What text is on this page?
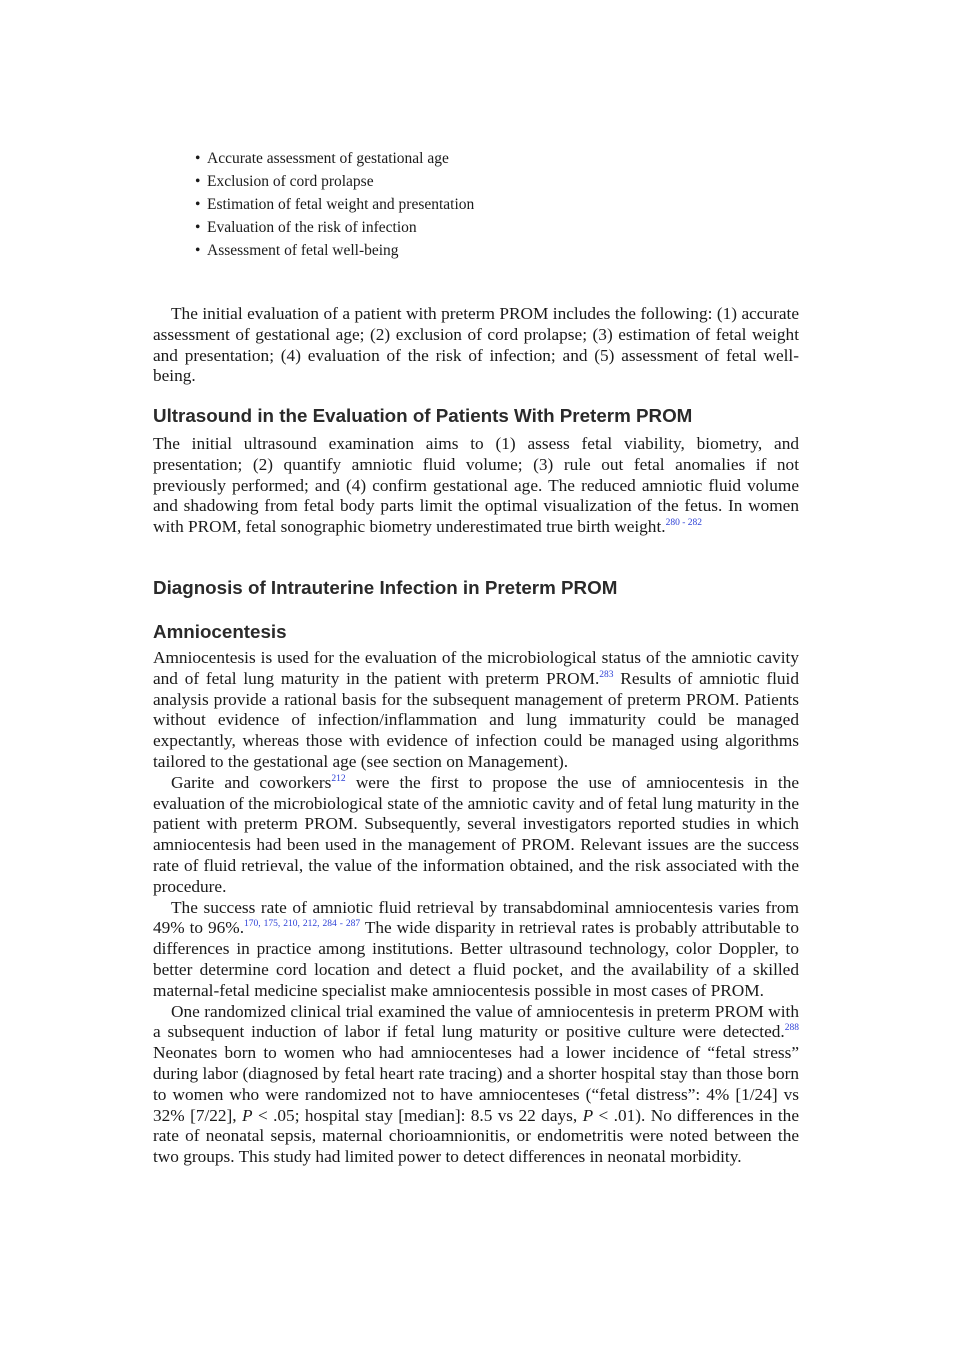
• Accurate assessment of gestational age
• Exclusion of cord prolapse
• Estimation of fetal weight and presentation
• Evaluation of the risk of infection
• Assessment of fetal well-being

The initial evaluation of a patient with preterm PROM includes the following: (1) accurate assessment of gestational age; (2) exclusion of cord prolapse; (3) estimation of fetal weight and presentation; (4) evaluation of the risk of infection; and (5) assessment of fetal well-being.

Ultrasound in the Evaluation of Patients With Preterm PROM

The initial ultrasound examination aims to (1) assess fetal viability, biometry, and presentation; (2) quantify amniotic fluid volume; (3) rule out fetal anomalies if not previously performed; and (4) confirm gestational age. The reduced amniotic fluid volume and shadowing from fetal body parts limit the optimal visualization of the fetus. In women with PROM, fetal sonographic biometry underestimated true birth weight.$^{280 - 282}$

Diagnosis of Intrauterine Infection in Preterm PROM
Amniocentesis

Amniocentesis is used for the evaluation of the microbiological status of the amniotic cavity and of fetal lung maturity in the patient with preterm PROM.$^{283}$ Results of amniotic fluid analysis provide a rational basis for the subsequent management of preterm PROM. Patients without evidence of infection/inflammation and lung immaturity could be managed expectantly, whereas those with evidence of infection could be managed using algorithms tailored to the gestational age (see section on Management).

Garite and coworkers$^{212}$ were the first to propose the use of amniocentesis in the evaluation of the microbiological state of the amniotic cavity and of fetal lung maturity in the patient with preterm PROM. Subsequently, several investigators reported studies in which amniocentesis had been used in the management of PROM. Relevant issues are the success rate of fluid retrieval, the value of the information obtained, and the risk associated with the procedure.

The success rate of amniotic fluid retrieval by transabdominal amniocentesis varies from 49% to 96%.$^{170, 175, 210, 212, 284 - 287}$ The wide disparity in retrieval rates is probably attributable to differences in practice among institutions. Better ultrasound technology, color Doppler, to better determine cord location and detect a fluid pocket, and the availability of a skilled maternal-fetal medicine specialist make amniocentesis possible in most cases of PROM.

One randomized clinical trial examined the value of amniocentesis in preterm PROM with a subsequent induction of labor if fetal lung maturity or positive culture were detected.$^{288}$ Neonates born to women who had amniocenteses had a lower incidence of “fetal stress” during labor (diagnosed by fetal heart rate tracing) and a shorter hospital stay than those born to women who were randomized not to have amniocenteses (“fetal distress”: 4% [1/24] vs 32% [7/22], P < .05; hospital stay [median]: 8.5 vs 22 days, P < .01). No differences in the rate of neonatal sepsis, maternal chorioamnionitis, or endometritis were noted between the two groups. This study had limited power to detect differences in neonatal morbidity.
